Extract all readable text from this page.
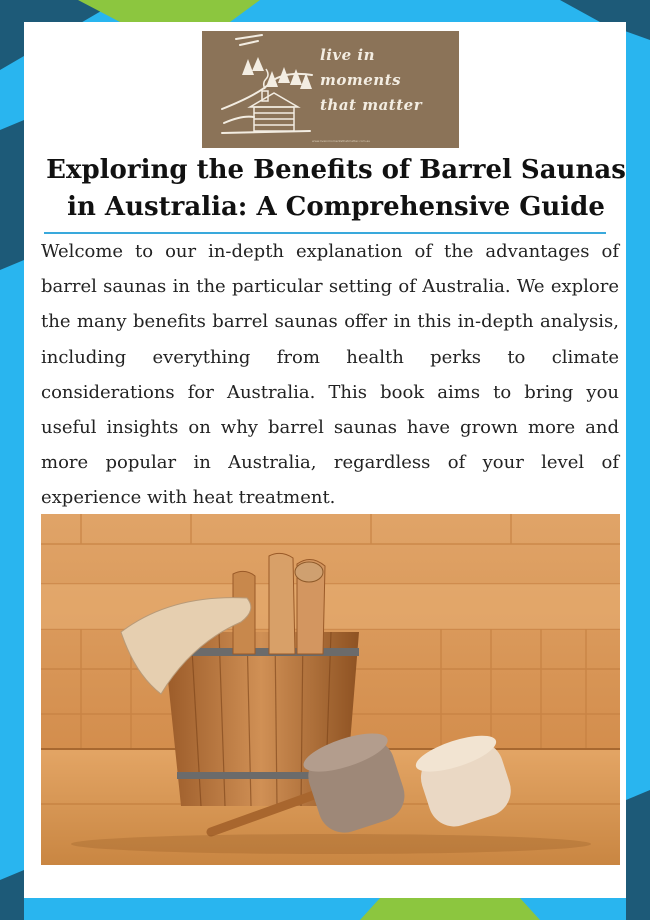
live in
moments
that matter
www.liveinmomentsthatmatter.com.au
Exploring the Benefits of Barrel Saunas in Australia: A Comprehensive Guide

Welcome to our in-depth explanation of the advantages of barrel saunas in the particular setting of Australia. We explore the many benefits barrel saunas offer in this in-depth analysis, including everything from health perks to climate considerations for Australia. This book aims to bring you useful insights on why barrel saunas have grown more and more popular in Australia, regardless of your level of experience with heat treatment.
